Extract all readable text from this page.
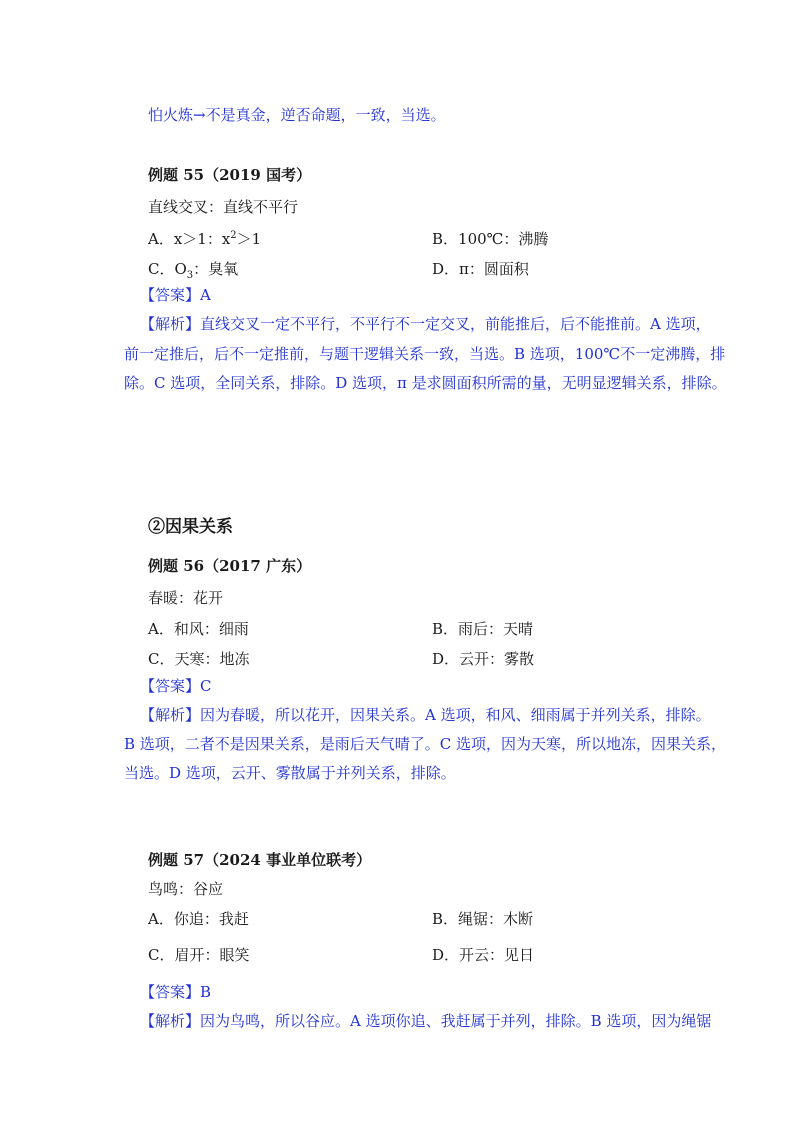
怕火炼→不是真金，逆否命题，一致，当选。
例题 55（2019 国考）
直线交叉：直线不平行
A．x＞1：$x^2>1$	B．100℃：沸腾
C．$O_3$：臭氧	D．π：圆面积
【答案】A
【解析】直线交叉一定不平行，不平行不一定交叉，前能推后，后不能推前。A 选项，
前一定推后，后不一定推前，与题干逻辑关系一致，当选。B 选项，100℃不一定沸腾，排
除。C 选项，全同关系，排除。D 选项，π 是求圆面积所需的量，无明显逻辑关系，排除。
②因果关系
例题 56（2017 广东）
春暖：花开
A．和风：细雨	B．雨后：天晴
C．天寒：地冻	D．云开：雾散
【答案】C
【解析】因为春暖，所以花开，因果关系。A 选项，和风、细雨属于并列关系，排除。
B 选项，二者不是因果关系，是雨后天气晴了。C 选项，因为天寒，所以地冻，因果关系，
当选。D 选项，云开、雾散属于并列关系，排除。
例题 57（2024 事业单位联考）
鸟鸣：谷应
A．你追：我赶	B．绳锯：木断
C．眉开：眼笑	D．开云：见日
【答案】B
【解析】因为鸟鸣，所以谷应。A 选项你追、我赶属于并列，排除。B 选项，因为绳锯
